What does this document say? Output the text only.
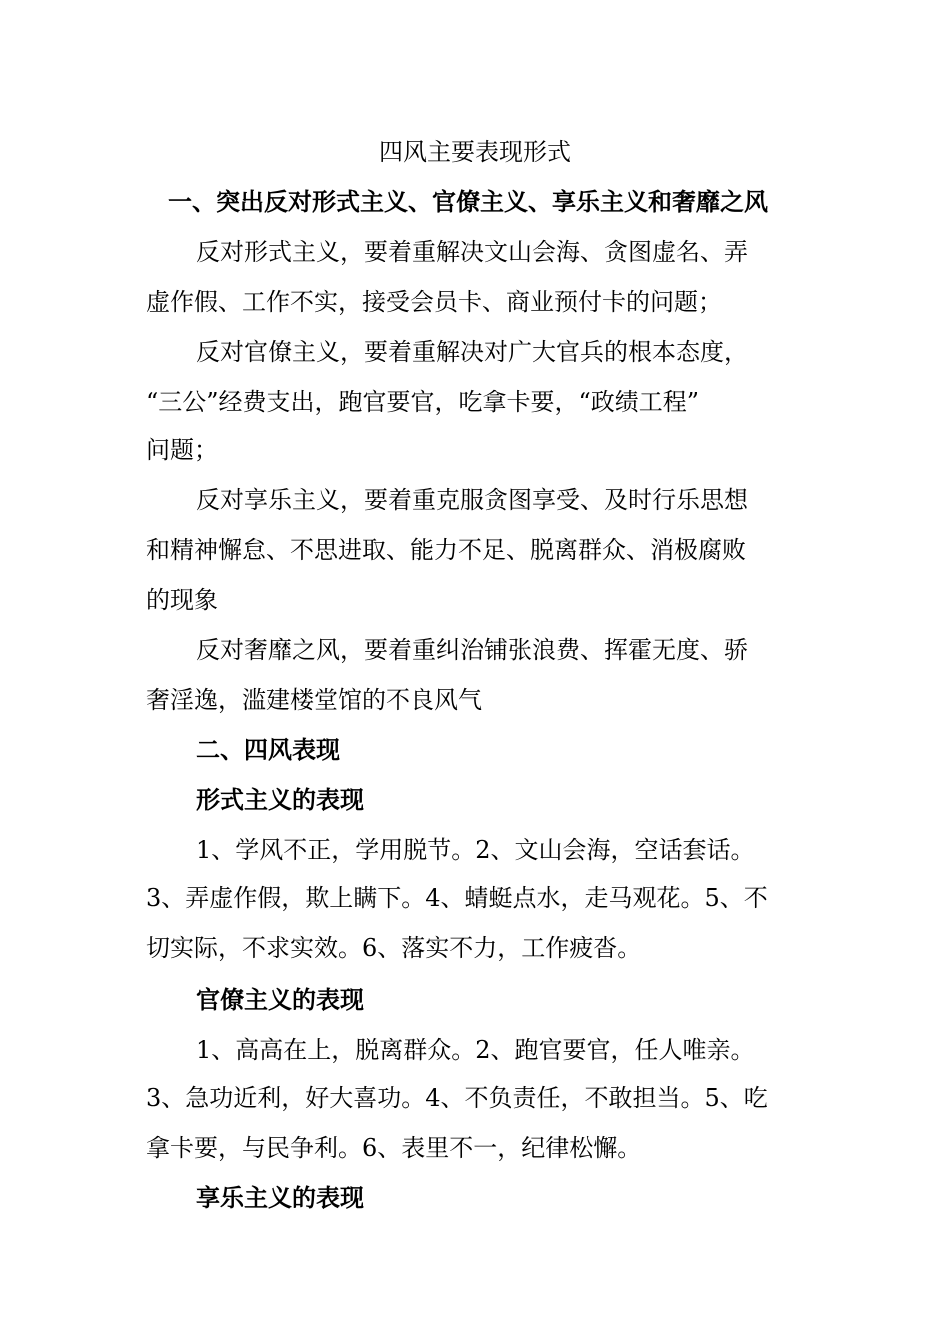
四风主要表现形式
一、突出反对形式主义、官僚主义、享乐主义和奢靡之风
反对形式主义，要着重解决文山会海、贪图虚名、弄
虚作假、工作不实，接受会员卡、商业预付卡的问题；
反对官僚主义，要着重解决对广大官兵的根本态度，
“三公”经费支出，跑官要官，吃拿卡要，“政绩工程”
问题；
反对享乐主义，要着重克服贪图享受、及时行乐思想
和精神懈怠、不思进取、能力不足、脱离群众、消极腐败
的现象
反对奢靡之风，要着重纠治铺张浪费、挥霍无度、骄
奢淫逸，滥建楼堂馆的不良风气
二、四风表现
形式主义的表现
1、学风不正，学用脱节。2、文山会海，空话套话。
3、弄虚作假，欺上瞒下。4、蜻蜓点水，走马观花。5、不
切实际，不求实效。6、落实不力，工作疲沓。
官僚主义的表现
1、高高在上，脱离群众。2、跑官要官，任人唯亲。
3、急功近利，好大喜功。4、不负责任，不敢担当。5、吃
拿卡要，与民争利。6、表里不一，纪律松懈。
享乐主义的表现
